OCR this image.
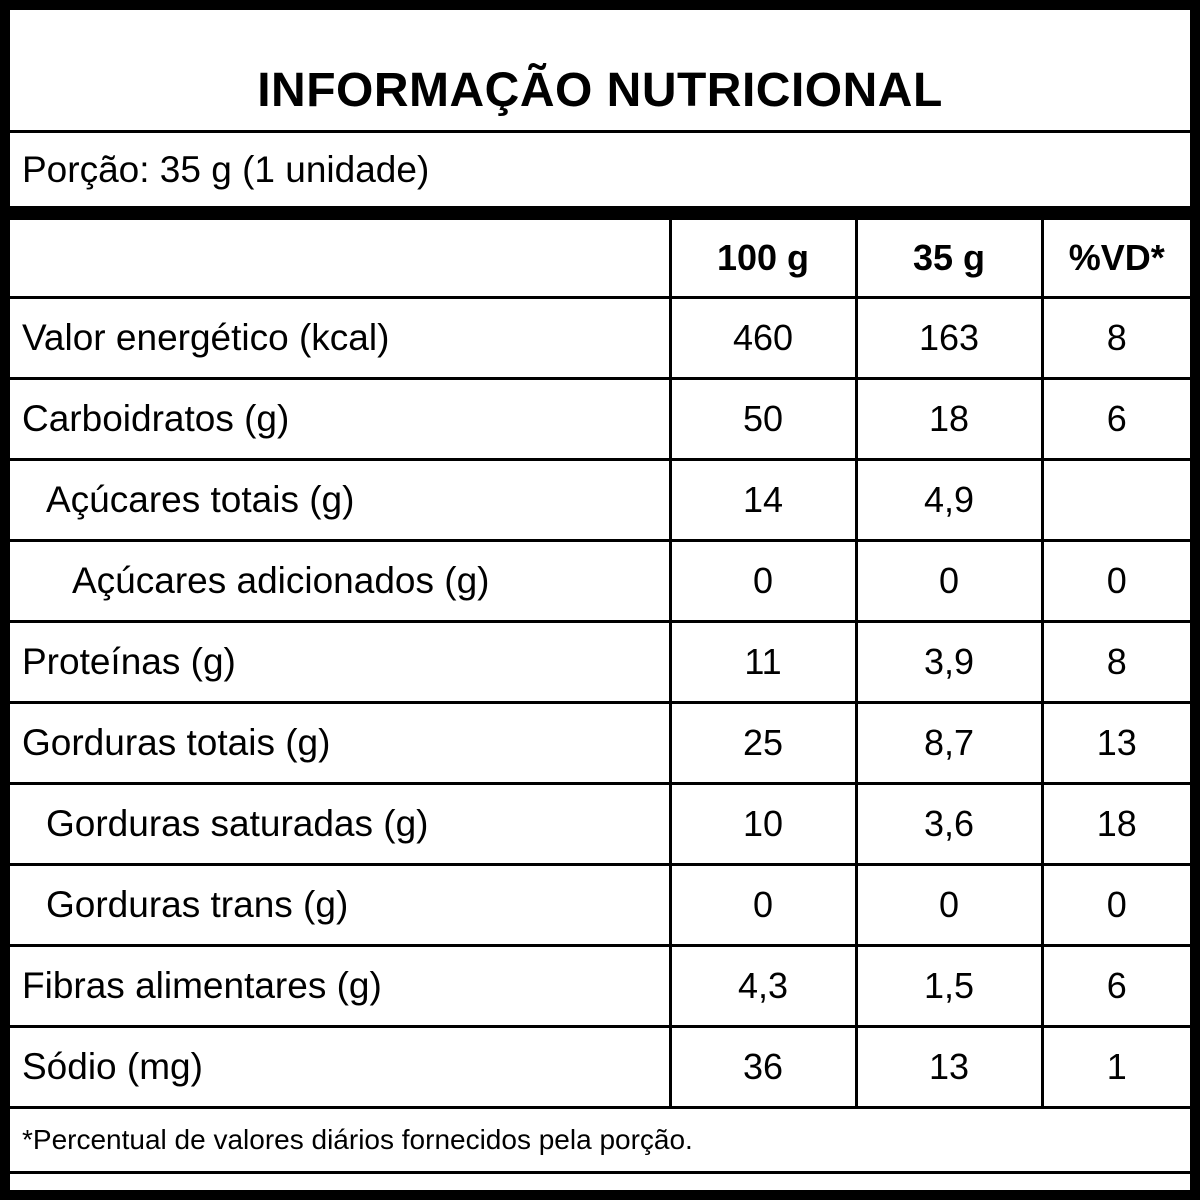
INFORMAÇÃO NUTRICIONAL
Porção: 35 g (1 unidade)
	100 g	35 g	%VD*
Valor energético (kcal)	460	163	8
Carboidratos (g)	50	18	6
Açúcares totais (g)	14	4,9	
Açúcares adicionados (g)	0	0	0
Proteínas (g)	11	3,9	8
Gorduras totais (g)	25	8,7	13
Gorduras saturadas (g)	10	3,6	18
Gorduras trans (g)	0	0	0
Fibras alimentares (g)	4,3	1,5	6
Sódio (mg)	36	13	1
*Percentual de valores diários fornecidos pela porção.
